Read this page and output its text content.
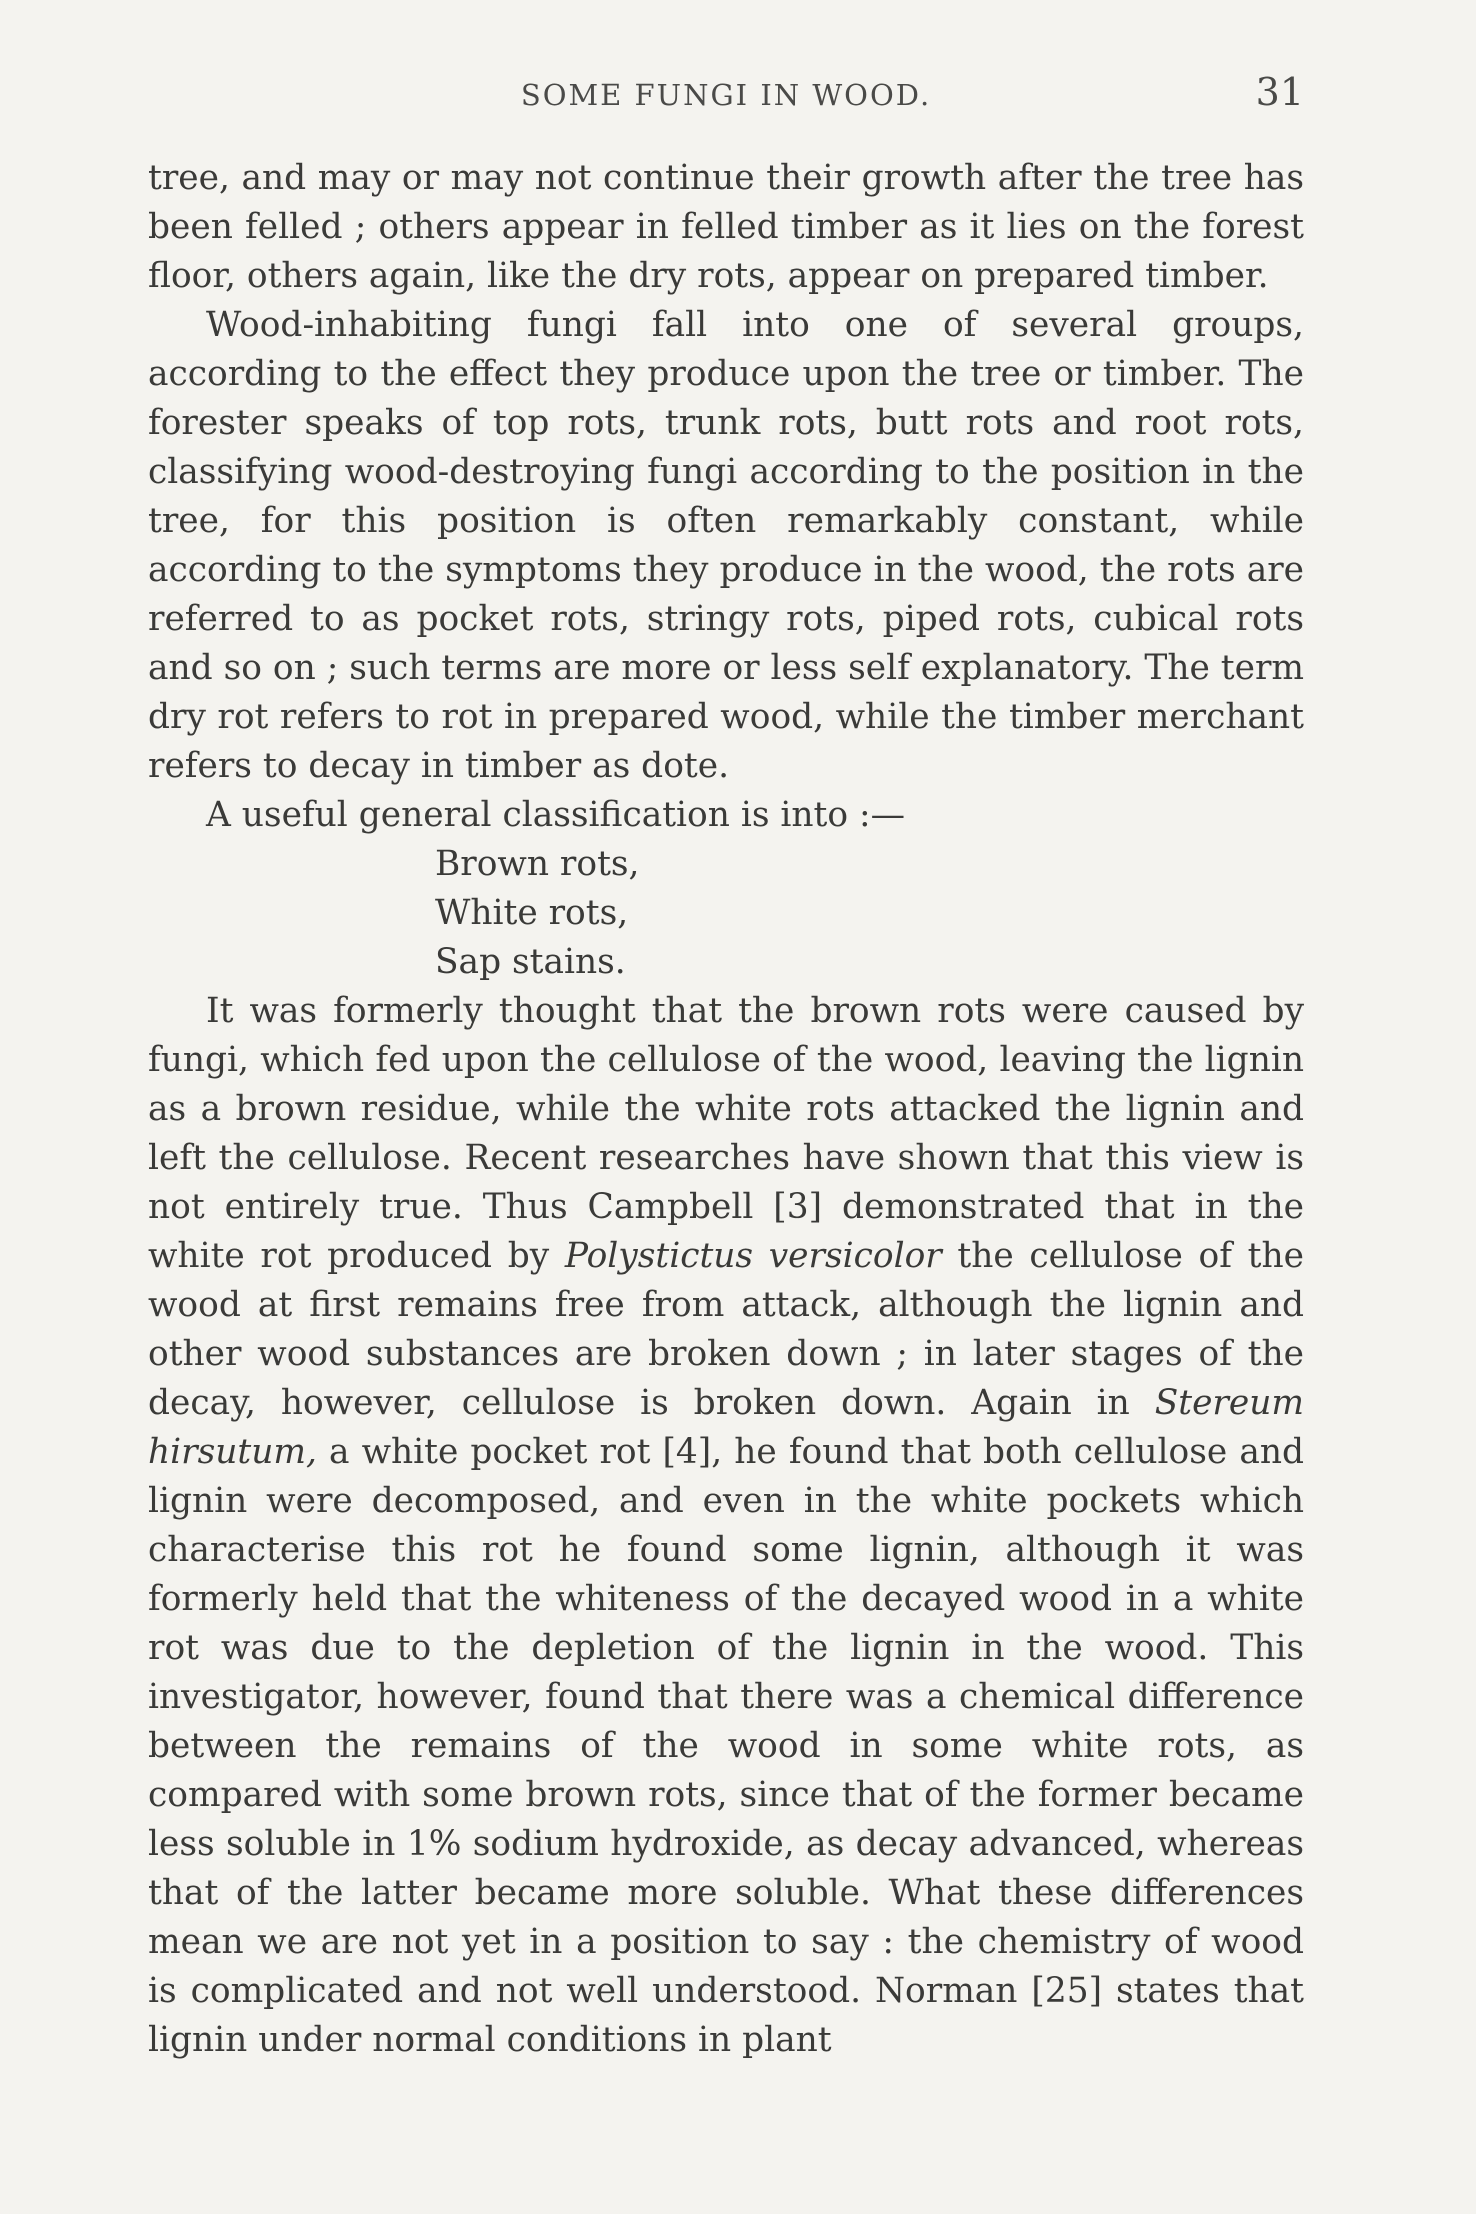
SOME FUNGI IN WOOD.	31

tree, and may or may not continue their growth after the tree has been felled ; others appear in felled timber as it lies on the forest floor, others again, like the dry rots, appear on prepared timber.

Wood-inhabiting fungi fall into one of several groups, according to the effect they produce upon the tree or timber. The forester speaks of top rots, trunk rots, butt rots and root rots, classifying wood-destroying fungi according to the position in the tree, for this position is often remarkably constant, while according to the symptoms they produce in the wood, the rots are referred to as pocket rots, stringy rots, piped rots, cubical rots and so on ; such terms are more or less self explanatory. The term dry rot refers to rot in prepared wood, while the timber merchant refers to decay in timber as dote.

A useful general classification is into :—

Brown rots,
White rots,
Sap stains.

It was formerly thought that the brown rots were caused by fungi, which fed upon the cellulose of the wood, leaving the lignin as a brown residue, while the white rots attacked the lignin and left the cellulose. Recent researches have shown that this view is not entirely true. Thus Campbell [3] demonstrated that in the white rot produced by Polystictus versicolor the cellulose of the wood at first remains free from attack, although the lignin and other wood substances are broken down ; in later stages of the decay, however, cellulose is broken down. Again in Stereum hirsutum, a white pocket rot [4], he found that both cellulose and lignin were decomposed, and even in the white pockets which characterise this rot he found some lignin, although it was formerly held that the whiteness of the decayed wood in a white rot was due to the depletion of the lignin in the wood. This investigator, however, found that there was a chemical difference between the remains of the wood in some white rots, as compared with some brown rots, since that of the former became less soluble in 1% sodium hydroxide, as decay advanced, whereas that of the latter became more soluble. What these differences mean we are not yet in a position to say : the chemistry of wood is complicated and not well understood. Norman [25] states that lignin under normal conditions in plant
